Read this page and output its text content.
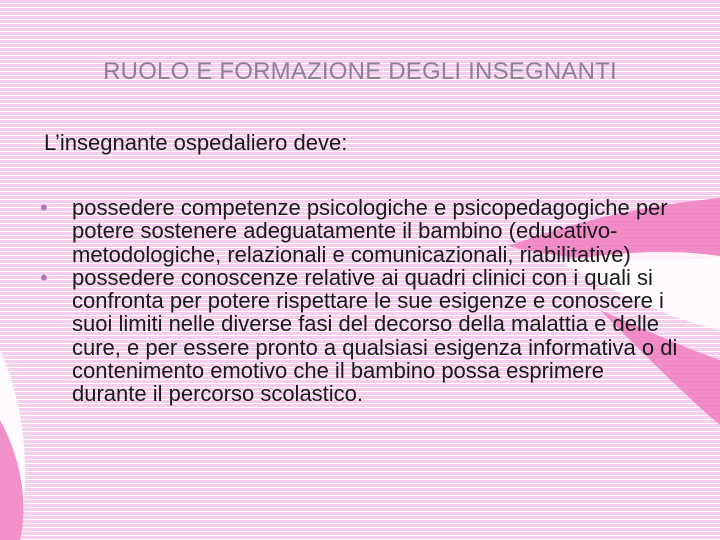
RUOLO E FORMAZIONE DEGLI INSEGNANTI
L’insegnante ospedaliero deve:
• possedere competenze psicologiche e psicopedagogiche per potere sostenere adeguatamente il bambino (educativo-metodologiche, relazionali e comunicazionali, riabilitative)
• possedere conoscenze relative ai quadri clinici con i quali si confronta per potere rispettare le sue esigenze e conoscere i suoi limiti nelle diverse fasi del decorso della malattia e delle cure, e per essere pronto a qualsiasi esigenza informativa o di contenimento emotivo che il bambino possa esprimere durante il percorso scolastico.
